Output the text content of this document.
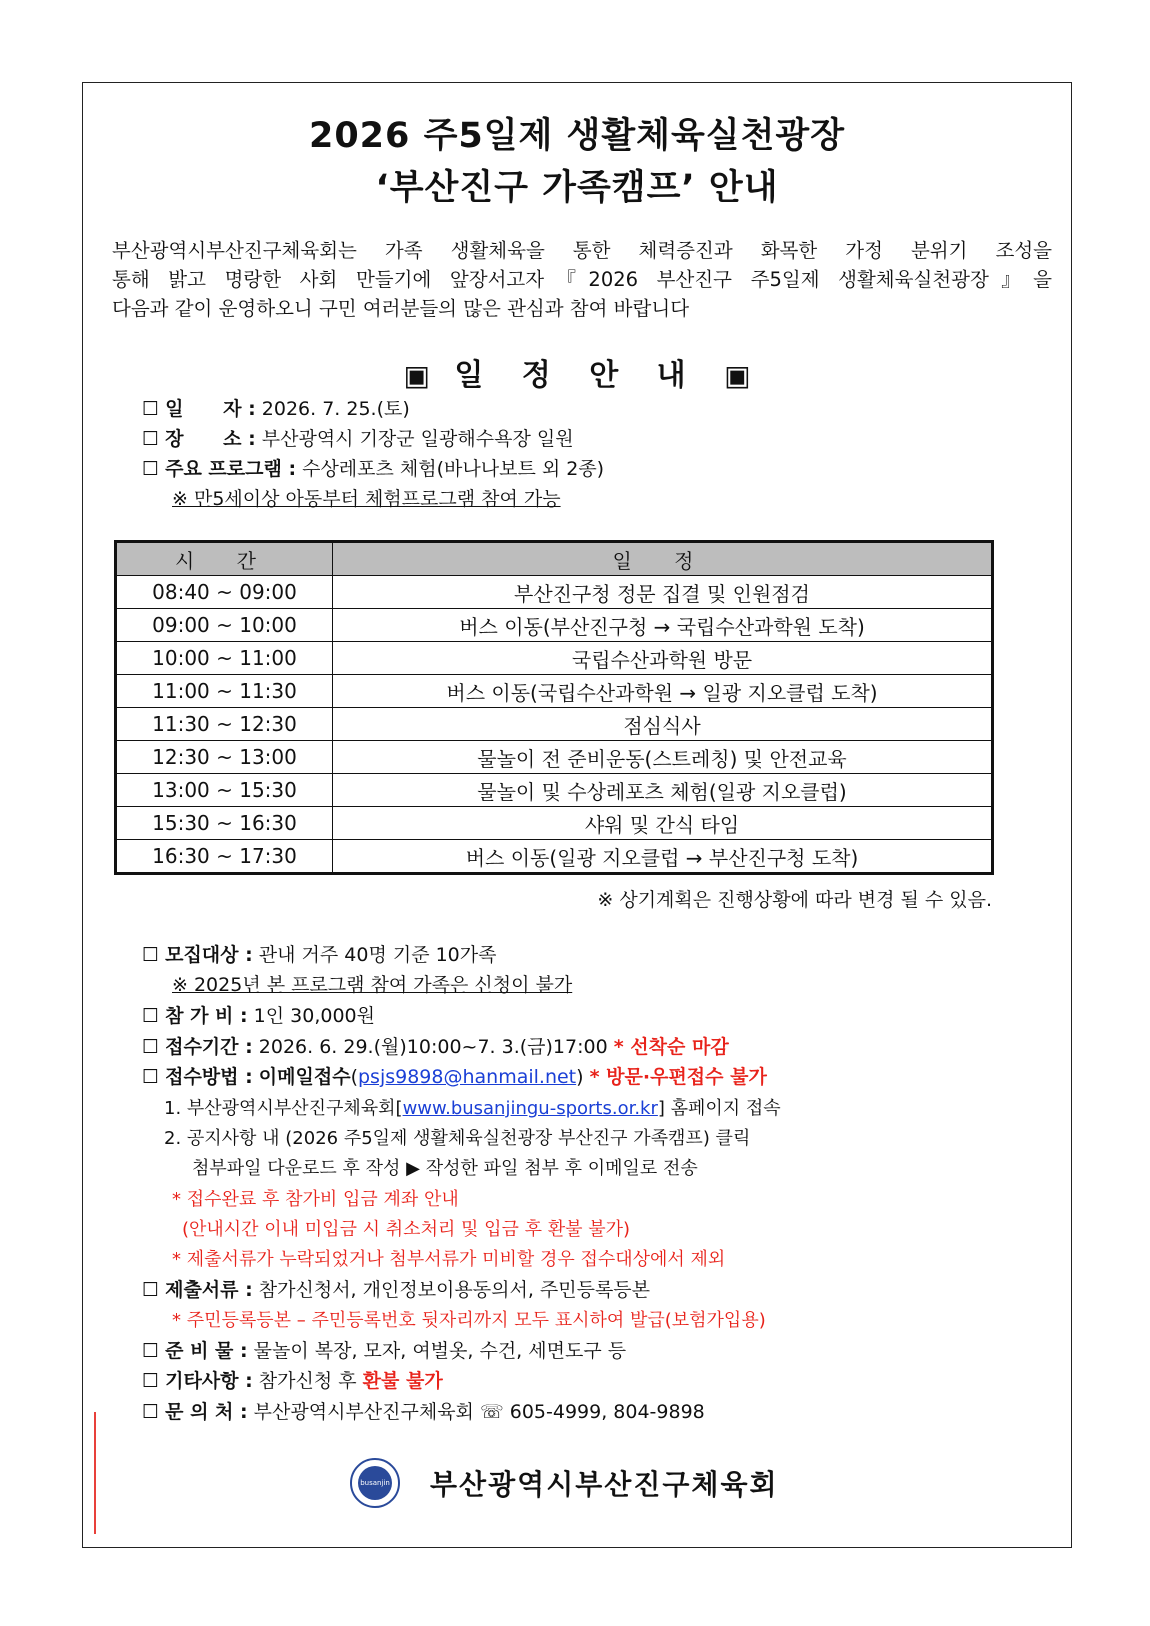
2026 주5일제 생활체육실천광장
‘부산진구 가족캠프’ 안내
부산광역시부산진구체육회는 가족 생활체육을 통한 체력증진과 화목한 가정 분위기 조성을
통해 밝고 명랑한 사회 만들기에 앞장서고자『2026 부산진구 주5일제 생활체육실천광장』을
다음과 같이 운영하오니 구민 여러분들의 많은 관심과 참여 바랍니다
▣ 일 정 안 내 ▣
☐ 일      자 : 2026. 7. 25.(토)
☐ 장      소 : 부산광역시 기장군 일광해수욕장 일원
☐ 주요 프로그램 : 수상레포츠 체험(바나나보트 외 2종)
※ 만5세이상 아동부터 체험프로그램 참여 가능
시 간	일 정
08:40 ~ 09:00	부산진구청 정문 집결 및 인원점검
09:00 ~ 10:00	버스 이동(부산진구청 → 국립수산과학원 도착)
10:00 ~ 11:00	국립수산과학원 방문
11:00 ~ 11:30	버스 이동(국립수산과학원 → 일광 지오클럽 도착)
11:30 ~ 12:30	점심식사
12:30 ~ 13:00	물놀이 전 준비운동(스트레칭) 및 안전교육
13:00 ~ 15:30	물놀이 및 수상레포츠 체험(일광 지오클럽)
15:30 ~ 16:30	샤워 및 간식 타임
16:30 ~ 17:30	버스 이동(일광 지오클럽 → 부산진구청 도착)
※ 상기계획은 진행상황에 따라 변경 될 수 있음.
☐ 모집대상 : 관내 거주 40명 기준 10가족
※ 2025년 본 프로그램 참여 가족은 신청이 불가
☐ 참 가 비 : 1인 30,000원
☐ 접수기간 : 2026. 6. 29.(월)10:00~7. 3.(금)17:00 * 선착순 마감
☐ 접수방법 : 이메일접수(psjs9898@hanmail.net) * 방문·우편접수 불가
1. 부산광역시부산진구체육회[www.busanjingu-sports.or.kr] 홈페이지 접속
2. 공지사항 내 (2026 주5일제 생활체육실천광장 부산진구 가족캠프) 클릭
첨부파일 다운로드 후 작성 ▶ 작성한 파일 첨부 후 이메일로 전송
* 접수완료 후 참가비 입금 계좌 안내
(안내시간 이내 미입금 시 취소처리 및 입금 후 환불 불가)
* 제출서류가 누락되었거나 첨부서류가 미비할 경우 접수대상에서 제외
☐ 제출서류 : 참가신청서, 개인정보이용동의서, 주민등록등본
* 주민등록등본 – 주민등록번호 뒷자리까지 모두 표시하여 발급(보험가입용)
☐ 준 비 물 : 물놀이 복장, 모자, 여벌옷, 수건, 세면도구 등
☐ 기타사항 : 참가신청 후 환불 불가
☐ 문 의 처 : 부산광역시부산진구체육회 ☏ 605-4999, 804-9898
busanjin 부산광역시부산진구체육회
